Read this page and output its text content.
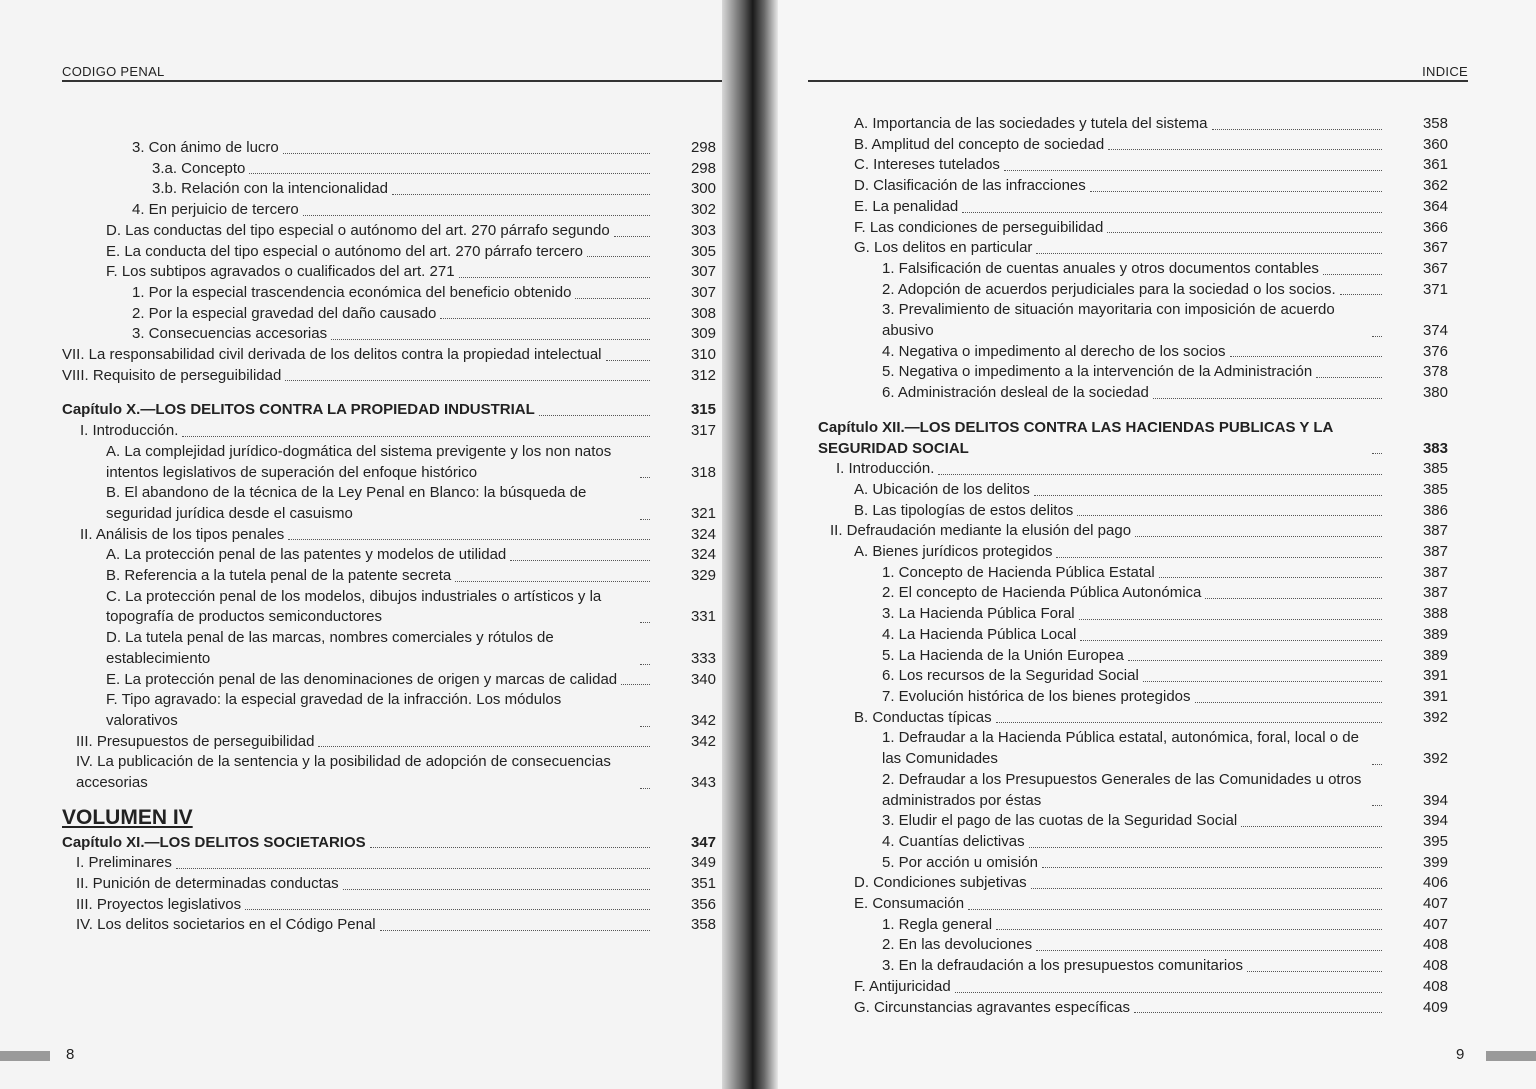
CODIGO PENAL
3. Con ánimo de lucro	298
3.a. Concepto	298
3.b. Relación con la intencionalidad	300
4. En perjuicio de tercero	302
D. Las conductas del tipo especial o autónomo del art. 270 párrafo segundo	303
E. La conducta del tipo especial o autónomo del art. 270 párrafo tercero	305
F. Los subtipos agravados o cualificados del art. 271	307
1. Por la especial trascendencia económica del beneficio obtenido	307
2. Por la especial gravedad del daño causado	308
3. Consecuencias accesorias	309
VII. La responsabilidad civil derivada de los delitos contra la propiedad intelectual	310
VIII. Requisito de perseguibilidad	312
Capítulo X.—LOS DELITOS CONTRA LA PROPIEDAD INDUSTRIAL	315
I. Introducción.	317
A. La complejidad jurídico-dogmática del sistema previgente y los non natos intentos legislativos de superación del enfoque histórico	318
B. El abandono de la técnica de la Ley Penal en Blanco: la búsqueda de seguridad jurídica desde el casuismo	321
II. Análisis de los tipos penales	324
A. La protección penal de las patentes y modelos de utilidad	324
B. Referencia a la tutela penal de la patente secreta	329
C. La protección penal de los modelos, dibujos industriales o artísticos y la topografía de productos semiconductores	331
D. La tutela penal de las marcas, nombres comerciales y rótulos de establecimiento	333
E. La protección penal de las denominaciones de origen y marcas de calidad	340
F. Tipo agravado: la especial gravedad de la infracción. Los módulos valorativos	342
III. Presupuestos de perseguibilidad	342
IV. La publicación de la sentencia y la posibilidad de adopción de consecuencias accesorias	343
VOLUMEN IV
Capítulo XI.—LOS DELITOS SOCIETARIOS	347
I. Preliminares	349
II. Punición de determinadas conductas	351
III. Proyectos legislativos	356
IV. Los delitos societarios en el Código Penal	358
8
INDICE
A. Importancia de las sociedades y tutela del sistema	358
B. Amplitud del concepto de sociedad	360
C. Intereses tutelados	361
D. Clasificación de las infracciones	362
E. La penalidad	364
F. Las condiciones de perseguibilidad	366
G. Los delitos en particular	367
1. Falsificación de cuentas anuales y otros documentos contables	367
2. Adopción de acuerdos perjudiciales para la sociedad o los socios.	371
3. Prevalimiento de situación mayoritaria con imposición de acuerdo abusivo	374
4. Negativa o impedimento al derecho de los socios	376
5. Negativa o impedimento a la intervención de la Administración	378
6. Administración desleal de la sociedad	380
Capítulo XII.—LOS DELITOS CONTRA LAS HACIENDAS PUBLICAS Y LA SEGURIDAD SOCIAL	383
I. Introducción.	385
A. Ubicación de los delitos	385
B. Las tipologías de estos delitos	386
II. Defraudación mediante la elusión del pago	387
A. Bienes jurídicos protegidos	387
1. Concepto de Hacienda Pública Estatal	387
2. El concepto de Hacienda Pública Autonómica	387
3. La Hacienda Pública Foral	388
4. La Hacienda Pública Local	389
5. La Hacienda de la Unión Europea	389
6. Los recursos de la Seguridad Social	391
7. Evolución histórica de los bienes protegidos	391
B. Conductas típicas	392
1. Defraudar a la Hacienda Pública estatal, autonómica, foral, local o de las Comunidades	392
2. Defraudar a los Presupuestos Generales de las Comunidades u otros administrados por éstas	394
3. Eludir el pago de las cuotas de la Seguridad Social	394
4. Cuantías delictivas	395
5. Por acción u omisión	399
D. Condiciones subjetivas	406
E. Consumación	407
1. Regla general	407
2. En las devoluciones	408
3. En la defraudación a los presupuestos comunitarios	408
F. Antijuricidad	408
G. Circunstancias agravantes específicas	409
9
